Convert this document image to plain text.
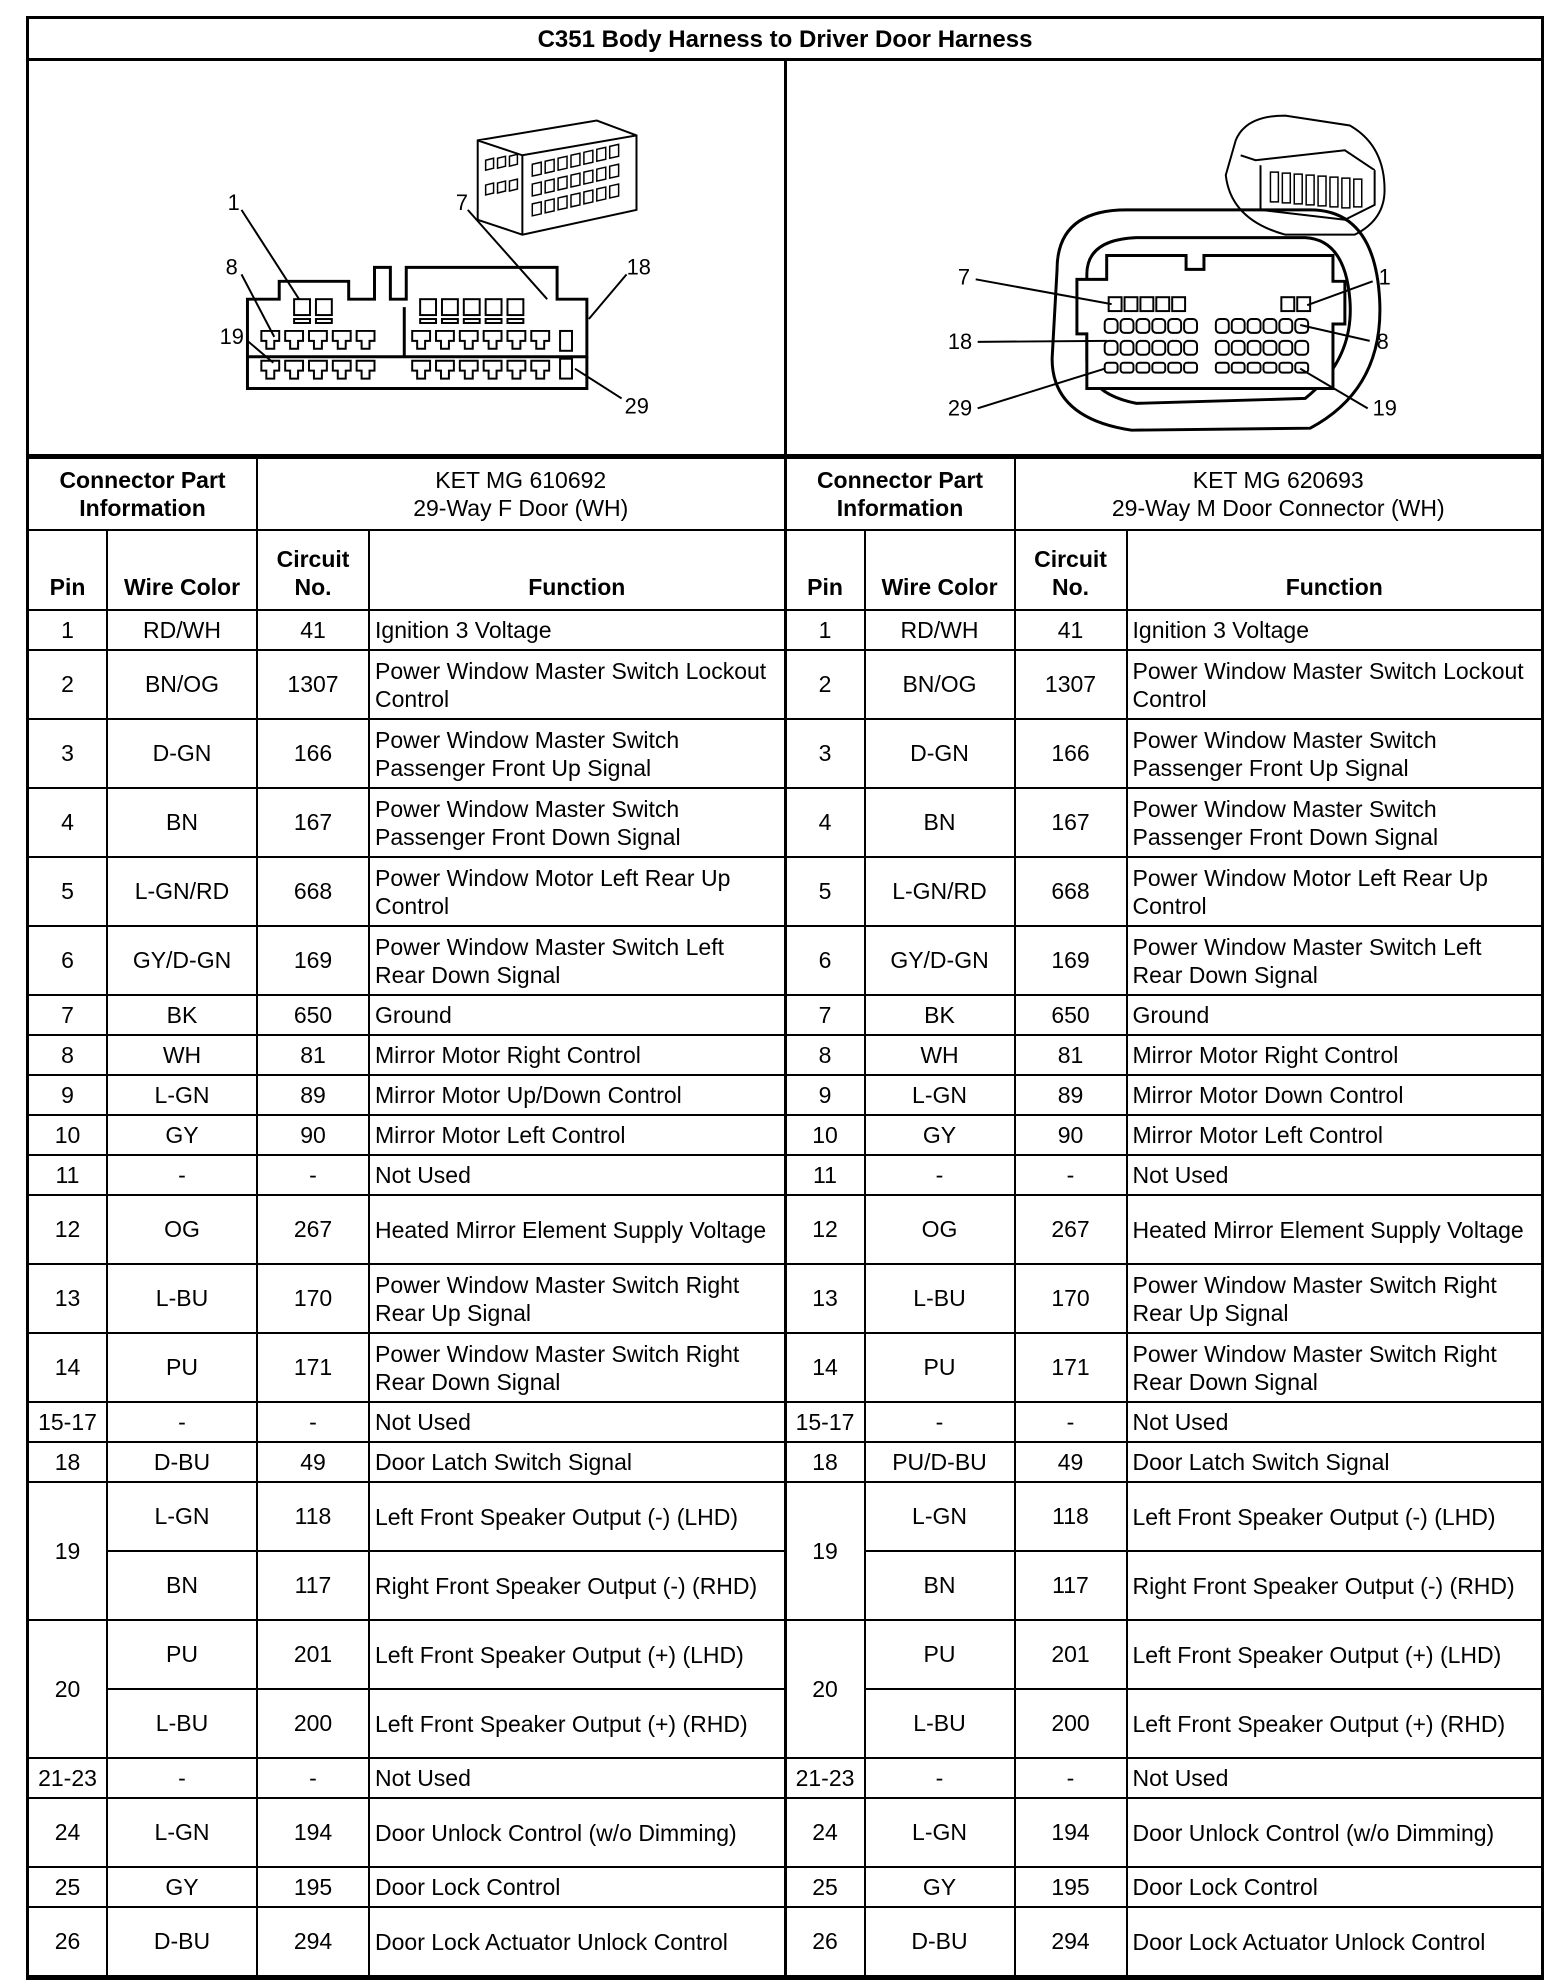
C351 Body Harness to Driver Door Harness
1	7
8	18
19
29
7	1
18	8
29	19
Connector Part
Information		KET MG 610692
29-Way F Door (WH)	
Pin	Wire Color	Circuit
No.	Function
1	RD/WH	41	Ignition 3 Voltage
2	BN/OG	1307	Power Window Master Switch Lockout Control
3	D-GN	166	Power Window Master Switch Passenger Front Up Signal
4	BN	167	Power Window Master Switch Passenger Front Down Signal
5	L-GN/RD	668	Power Window Motor Left Rear Up Control
6	GY/D-GN	169	Power Window Master Switch Left Rear Down Signal
7	BK	650	Ground
8	WH	81	Mirror Motor Right Control
9	L-GN	89	Mirror Motor Up/Down Control
10	GY	90	Mirror Motor Left Control
11	-	-	Not Used
12	OG	267	Heated Mirror Element Supply Voltage
13	L-BU	170	Power Window Master Switch Right Rear Up Signal
14	PU	171	Power Window Master Switch Right Rear Down Signal
15-17	-	-	Not Used
18	D-BU	49	Door Latch Switch Signal
19	L-GN	118	Left Front Speaker Output (-) (LHD)
	BN	117	Right Front Speaker Output (-) (RHD)
20	PU	201	Left Front Speaker Output (+) (LHD)
	L-BU	200	Left Front Speaker Output (+) (RHD)
21-23	-	-	Not Used
24	L-GN	194	Door Unlock Control (w/o Dimming)
25	GY	195	Door Lock Control
26	D-BU	294	Door Lock Actuator Unlock Control
Connector Part
Information		KET MG 620693
29-Way M Door Connector (WH)	
Pin	Wire Color	Circuit
No.	Function
1	RD/WH	41	Ignition 3 Voltage
2	BN/OG	1307	Power Window Master Switch Lockout Control
3	D-GN	166	Power Window Master Switch Passenger Front Up Signal
4	BN	167	Power Window Master Switch Passenger Front Down Signal
5	L-GN/RD	668	Power Window Motor Left Rear Up Control
6	GY/D-GN	169	Power Window Master Switch Left Rear Down Signal
7	BK	650	Ground
8	WH	81	Mirror Motor Right Control
9	L-GN	89	Mirror Motor Down Control
10	GY	90	Mirror Motor Left Control
11	-	-	Not Used
12	OG	267	Heated Mirror Element Supply Voltage
13	L-BU	170	Power Window Master Switch Right Rear Up Signal
14	PU	171	Power Window Master Switch Right Rear Down Signal
15-17	-	-	Not Used
18	PU/D-BU	49	Door Latch Switch Signal
19	L-GN	118	Left Front Speaker Output (-) (LHD)
	BN	117	Right Front Speaker Output (-) (RHD)
20	PU	201	Left Front Speaker Output (+) (LHD)
	L-BU	200	Left Front Speaker Output (+) (RHD)
21-23	-	-	Not Used
24	L-GN	194	Door Unlock Control (w/o Dimming)
25	GY	195	Door Lock Control
26	D-BU	294	Door Lock Actuator Unlock Control
